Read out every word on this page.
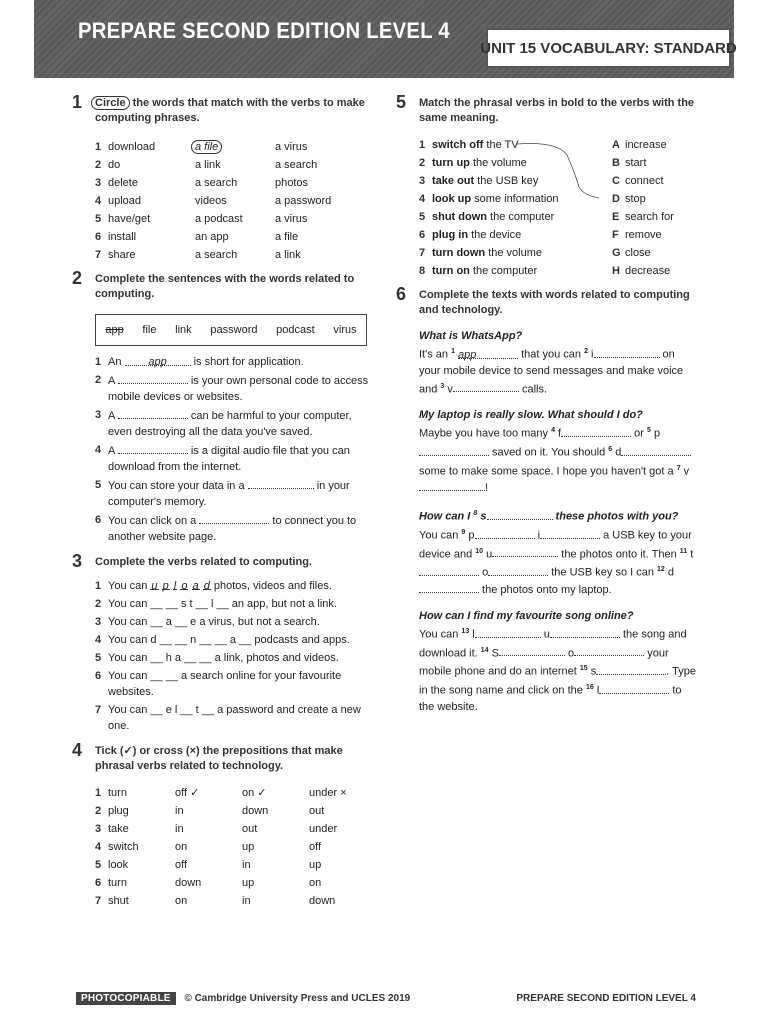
PREPARE SECOND EDITION LEVEL 4
UNIT 15 VOCABULARY: STANDARD
1 Circle the words that match with the verbs to make computing phrases.
1 download	a file	a virus
2 do	a link	a search
3 delete	a search	photos
4 upload	videos	a password
5 have/get	a podcast	a virus
6 install	an app	a file
7 share	a search	a link
2 Complete the sentences with the words related to computing.
app file link password podcast virus
1 An app is short for application.
2 A	is your own personal code to access mobile devices or websites.
3 A	can be harmful to your computer, even destroying all the data you've saved.
4 A	is a digital audio file that you can download from the internet.
5 You can store your data in a	in your computer's memory.
6 You can click on a	to connect you to another website page.
3 Complete the verbs related to computing.
1 You can u p l o a d photos, videos and files.
2 You can __ __ s t __ l __ an app, but not a link.
3 You can __ a __ e a virus, but not a search.
4 You can d __ __ n __ __ a __ podcasts and apps.
5 You can __ h a __ __ a link, photos and videos.
6 You can __ __ a search online for your favourite websites.
7 You can __ e l __ t __ a password and create a new one.
4 Tick (✓) or cross (×) the prepositions that make phrasal verbs related to technology.
1 turn	off ✓	on ✓	under ×
2 plug	in	down	out
3 take	in	out	under
4 switch	on	up	off
5 look	off	in	up
6 turn	down	up	on
7 shut	on	in	down
5 Match the phrasal verbs in bold to the verbs with the same meaning.
1 switch off the TV	A increase
2 turn up the volume	B start
3 take out the USB key	C connect
4 look up some information	D stop
5 shut down the computer	E search for
6 plug in the device	F remove
7 turn down the volume	G close
8 turn on the computer	H decrease
6 Complete the texts with words related to computing and technology.
What is WhatsApp?
It's an $^1$ app	that you can $^2$ i	on your mobile device to send messages and make voice and $^3$ v	calls.
My laptop is really slow. What should I do?
Maybe you have too many $^4$ f	or $^5$ p saved on it. You should $^6$ d some to make some space. I hope you haven't got a $^7$ v!
How can I $^8$ s	these photos with you?
You can $^9$ p	i	a USB key to your device and $^{10}$ u	the photos onto it. Then $^{11}$ t o	the USB key so I can $^{12}$ d the photos onto my laptop.
How can I find my favourite song online?
You can $^{13}$ l	u	the song and download it. $^{14}$ S	o	your mobile phone and do an internet $^{15}$ s	. Type in the song name and click on the $^{16}$ l	to the website.
PHOTOCOPIABLE © Cambridge University Press and UCLES 2019	PREPARE SECOND EDITION LEVEL 4
